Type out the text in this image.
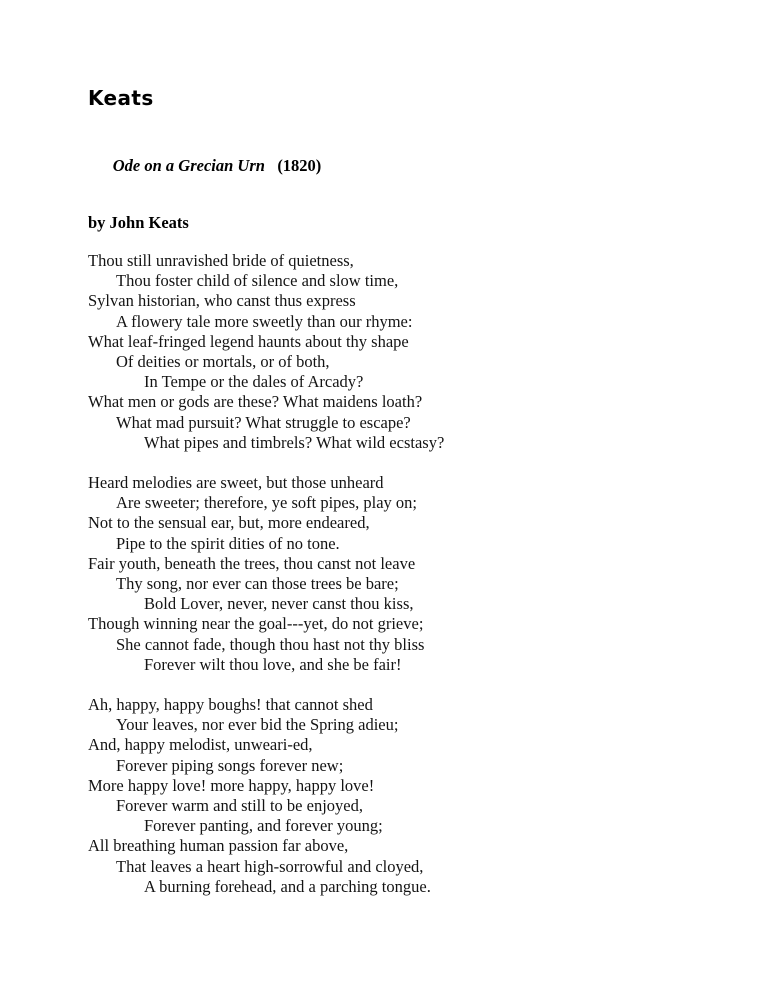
Keats

Ode on a Grecian Urn (1820)

by John Keats
Thou still unravished bride of quietness,
Thou foster child of silence and slow time,
Sylvan historian, who canst thus express
A flowery tale more sweetly than our rhyme:
What leaf-fringed legend haunts about thy shape
Of deities or mortals, or of both,
In Tempe or the dales of Arcady?
What men or gods are these? What maidens loath?
What mad pursuit? What struggle to escape?
What pipes and timbrels? What wild ecstasy?
Heard melodies are sweet, but those unheard
Are sweeter; therefore, ye soft pipes, play on;
Not to the sensual ear, but, more endeared,
Pipe to the spirit dities of no tone.
Fair youth, beneath the trees, thou canst not leave
Thy song, nor ever can those trees be bare;
Bold Lover, never, never canst thou kiss,
Though winning near the goal---yet, do not grieve;
She cannot fade, though thou hast not thy bliss
Forever wilt thou love, and she be fair!
Ah, happy, happy boughs! that cannot shed
Your leaves, nor ever bid the Spring adieu;
And, happy melodist, unweari-ed,
Forever piping songs forever new;
More happy love! more happy, happy love!
Forever warm and still to be enjoyed,
Forever panting, and forever young;
All breathing human passion far above,
That leaves a heart high-sorrowful and cloyed,
A burning forehead, and a parching tongue.
